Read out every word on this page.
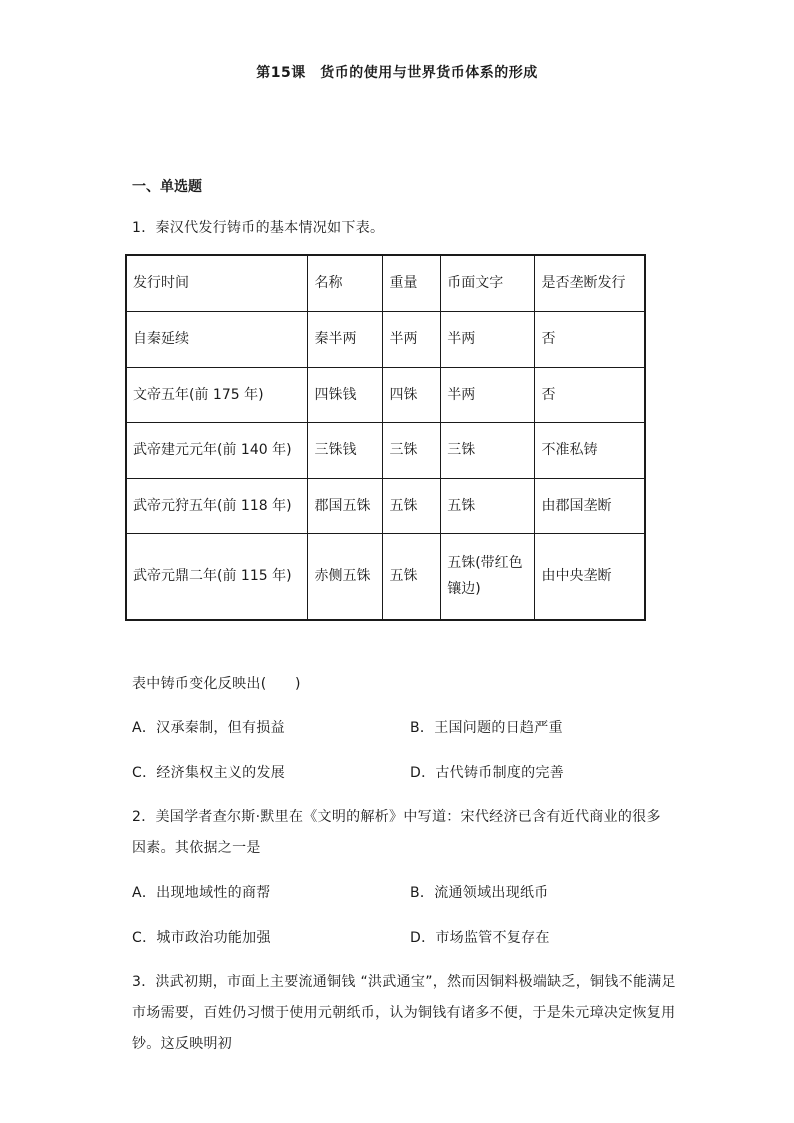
第15课　货币的使用与世界货币体系的形成
一、单选题
1．秦汉代发行铸币的基本情况如下表。
发行时间	名称	重量	币面文字	是否垄断发行
自秦延续	秦半两	半两	半两	否
文帝五年(前 175 年)	四铢钱	四铢	半两	否
武帝建元元年(前 140 年)	三铢钱	三铢	三铢	不准私铸
武帝元狩五年(前 118 年)	郡国五铢	五铢	五铢	由郡国垄断
武帝元鼎二年(前 115 年)	赤侧五铢	五铢	五铢(带红色镶边)	由中央垄断
表中铸币变化反映出(　　)
A．汉承秦制，但有损益	B．王国问题的日趋严重
C．经济集权主义的发展	D．古代铸币制度的完善
2．美国学者查尔斯·默里在《文明的解析》中写道：宋代经济已含有近代商业的很多
因素。其依据之一是
A．出现地域性的商帮	B．流通领域出现纸币
C．城市政治功能加强	D．市场监管不复存在
3．洪武初期，市面上主要流通铜钱 “洪武通宝”，然而因铜料极端缺乏，铜钱不能满足
市场需要，百姓仍习惯于使用元朝纸币，认为铜钱有诸多不便，于是朱元璋决定恢复用
钞。这反映明初
